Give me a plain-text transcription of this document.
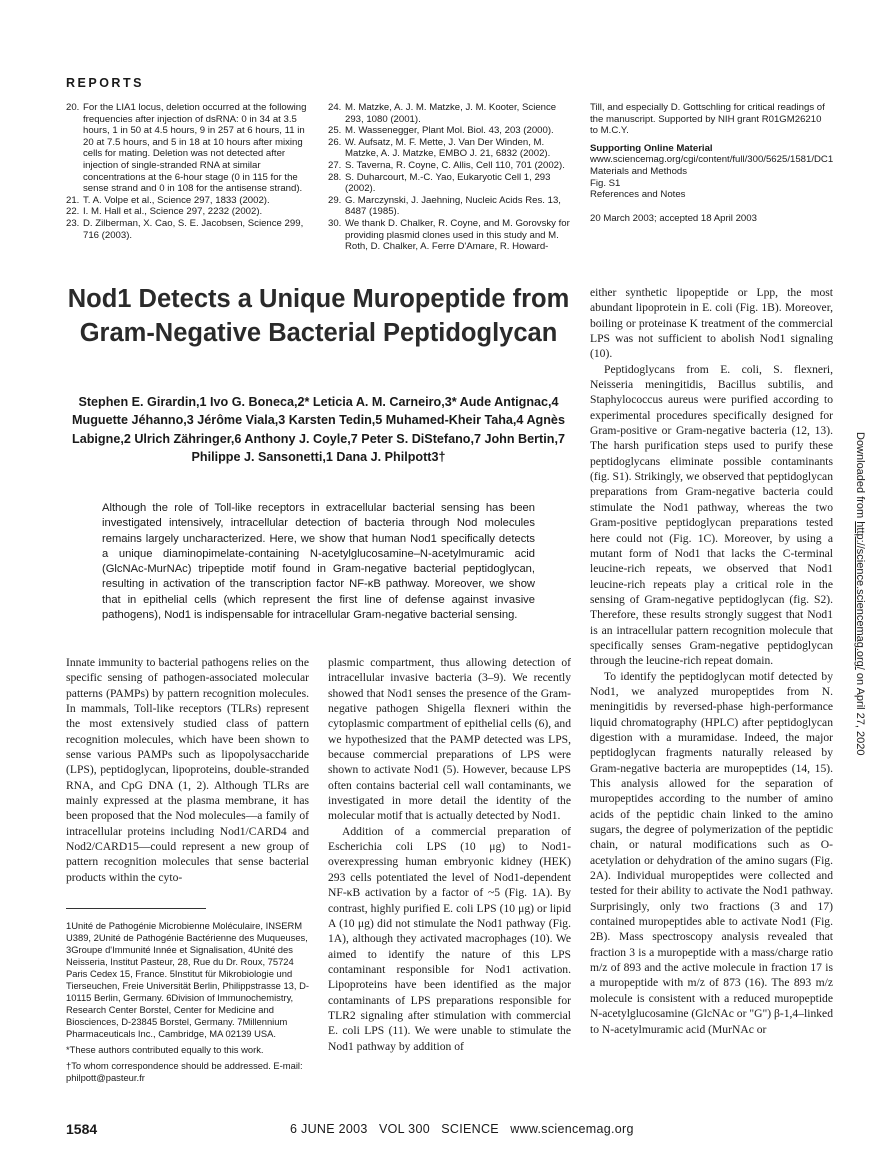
REPORTS
20. For the LIA1 locus, deletion occurred at the following frequencies after injection of dsRNA: 0 in 34 at 3.5 hours, 1 in 50 at 4.5 hours, 9 in 257 at 6 hours, 11 in 20 at 7.5 hours, and 5 in 18 at 10 hours after mixing cells for mating. Deletion was not detected after injection of single-stranded RNA at similar concentrations at the 6-hour stage (0 in 115 for the sense strand and 0 in 108 for the antisense strand).
21. T. A. Volpe et al., Science 297, 1833 (2002).
22. I. M. Hall et al., Science 297, 2232 (2002).
23. D. Zilberman, X. Cao, S. E. Jacobsen, Science 299, 716 (2003).
24. M. Matzke, A. J. M. Matzke, J. M. Kooter, Science 293, 1080 (2001).
25. M. Wassenegger, Plant Mol. Biol. 43, 203 (2000).
26. W. Aufsatz, M. F. Mette, J. Van Der Winden, M. Matzke, A. J. Matzke, EMBO J. 21, 6832 (2002).
27. S. Taverna, R. Coyne, C. Allis, Cell 110, 701 (2002).
28. S. Duharcourt, M.-C. Yao, Eukaryotic Cell 1, 293 (2002).
29. G. Marczynski, J. Jaehning, Nucleic Acids Res. 13, 8487 (1985).
30. We thank D. Chalker, R. Coyne, and M. Gorovsky for providing plasmid clones used in this study and M. Roth, D. Chalker, A. Ferre D'Amare, R. Howard-
Till, and especially D. Gottschling for critical readings of the manuscript. Supported by NIH grant R01GM26210 to M.C.Y.
Supporting Online Material
www.sciencemag.org/cgi/content/full/300/5625/1581/DC1
Materials and Methods
Fig. S1
References and Notes
20 March 2003; accepted 18 April 2003
Nod1 Detects a Unique Muropeptide from Gram-Negative Bacterial Peptidoglycan
Stephen E. Girardin,1 Ivo G. Boneca,2* Leticia A. M. Carneiro,3* Aude Antignac,4 Muguette Jéhanno,3 Jérôme Viala,3 Karsten Tedin,5 Muhamed-Kheir Taha,4 Agnès Labigne,2 Ulrich Zähringer,6 Anthony J. Coyle,7 Peter S. DiStefano,7 John Bertin,7 Philippe J. Sansonetti,1 Dana J. Philpott3†
Although the role of Toll-like receptors in extracellular bacterial sensing has been investigated intensively, intracellular detection of bacteria through Nod molecules remains largely uncharacterized. Here, we show that human Nod1 specifically detects a unique diaminopimelate-containing N-acetylglucosamine–N-acetylmuramic acid (GlcNAc-MurNAc) tripeptide motif found in Gram-negative bacterial peptidoglycan, resulting in activation of the transcription factor NF-κB pathway. Moreover, we show that in epithelial cells (which represent the first line of defense against invasive pathogens), Nod1 is indispensable for intracellular Gram-negative bacterial sensing.

Innate immunity to bacterial pathogens relies on the specific sensing of pathogen-associated molecular patterns (PAMPs) by pattern recognition molecules. In mammals, Toll-like receptors (TLRs) represent the most extensively studied class of pattern recognition molecules, which have been shown to sense various PAMPs such as lipopolysaccharide (LPS), peptidoglycan, lipoproteins, double-stranded RNA, and CpG DNA (1, 2). Although TLRs are mainly expressed at the plasma membrane, it has been proposed that the Nod molecules—a family of intracellular proteins including Nod1/CARD4 and Nod2/CARD15—could represent a new group of pattern recognition molecules that sense bacterial products within the cyto-

plasmic compartment, thus allowing detection of intracellular invasive bacteria (3–9). We recently showed that Nod1 senses the presence of the Gram-negative pathogen Shigella flexneri within the cytoplasmic compartment of epithelial cells (6), and we hypothesized that the PAMP detected was LPS, because commercial preparations of LPS were shown to activate Nod1 (5). However, because LPS often contains bacterial cell wall contaminants, we investigated in more detail the identity of the molecular motif that is actually detected by Nod1.

Addition of a commercial preparation of Escherichia coli LPS (10 μg) to Nod1-overexpressing human embryonic kidney (HEK) 293 cells potentiated the level of Nod1-dependent NF-κB activation by a factor of ~5 (Fig. 1A). By contrast, highly purified E. coli LPS (10 μg) or lipid A (10 μg) did not stimulate the Nod1 pathway (Fig. 1A), although they activated macrophages (10). We aimed to identify the nature of this LPS contaminant responsible for Nod1 activation. Lipoproteins have been identified as the major contaminants of LPS preparations responsible for TLR2 signaling after stimulation with commercial E. coli LPS (11). We were unable to stimulate the Nod1 pathway by addition of

either synthetic lipopeptide or Lpp, the most abundant lipoprotein in E. coli (Fig. 1B). Moreover, boiling or proteinase K treatment of the commercial LPS was not sufficient to abolish Nod1 signaling (10).

Peptidoglycans from E. coli, S. flexneri, Neisseria meningitidis, Bacillus subtilis, and Staphylococcus aureus were purified according to experimental procedures specifically designed for Gram-positive or Gram-negative bacteria (12, 13). The harsh purification steps used to purify these peptidoglycans eliminate possible contaminants (fig. S1). Strikingly, we observed that peptidoglycan preparations from Gram-negative bacteria could stimulate the Nod1 pathway, whereas the two Gram-positive peptidoglycan preparations tested here could not (Fig. 1C). Moreover, by using a mutant form of Nod1 that lacks the C-terminal leucine-rich repeats, we observed that Nod1 leucine-rich repeats play a critical role in the sensing of Gram-negative peptidoglycan (fig. S2). Therefore, these results strongly suggest that Nod1 is an intracellular pattern recognition molecule that specifically senses Gram-negative peptidoglycan through the leucine-rich repeat domain.

To identify the peptidoglycan motif detected by Nod1, we analyzed muropeptides from N. meningitidis by reversed-phase high-performance liquid chromatography (HPLC) after peptidoglycan digestion with a muramidase. Indeed, the major peptidoglycan fragments naturally released by Gram-negative bacteria are muropeptides (14, 15). This analysis allowed for the separation of muropeptides according to the number of amino acids of the peptidic chain linked to the amino sugars, the degree of polymerization of the peptidic chain, or natural modifications such as O-acetylation or dehydration of the amino sugars (Fig. 2A). Individual muropeptides were collected and tested for their ability to activate the Nod1 pathway. Surprisingly, only two fractions (3 and 17) contained muropeptides able to activate Nod1 (Fig. 2B). Mass spectroscopy analysis revealed that fraction 3 is a muropeptide with a mass/charge ratio m/z of 893 and the active molecule in fraction 17 is a muropeptide with m/z of 873 (16). The 893 m/z molecule is consistent with a reduced muropeptide N-acetylglucosamine (GlcNAc or "G") β-1,4–linked to N-acetylmuramic acid (MurNAc or

1Unité de Pathogénie Microbienne Moléculaire, INSERM U389, 2Unité de Pathogénie Bactérienne des Muqueuses, 3Groupe d'Immunité Innée et Signalisation, 4Unité des Neisseria, Institut Pasteur, 28, Rue du Dr. Roux, 75724 Paris Cedex 15, France. 5Institut für Mikrobiologie und Tierseuchen, Freie Universität Berlin, Philippstrasse 13, D-10115 Berlin, Germany. 6Division of Immunochemistry, Research Center Borstel, Center for Medicine and Biosciences, D-23845 Borstel, Germany. 7Millennium Pharmaceuticals Inc., Cambridge, MA 02139 USA.

*These authors contributed equally to this work.

†To whom correspondence should be addressed. E-mail: philpott@pasteur.fr

Downloaded from http://science.sciencemag.org/ on April 27, 2020
1584	6 JUNE 2003   VOL 300   SCIENCE   www.sciencemag.org
